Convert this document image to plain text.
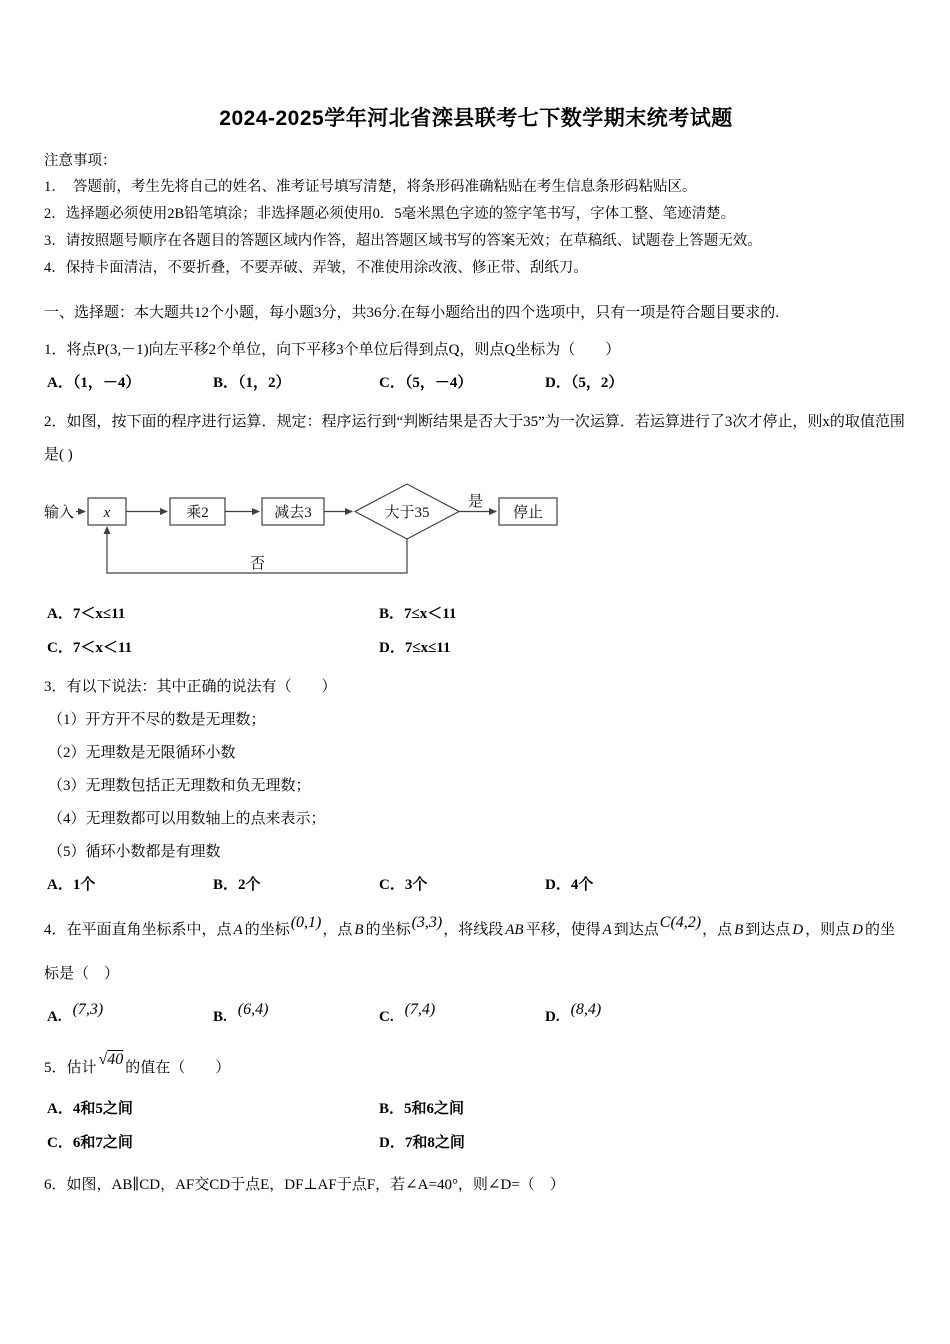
2024-2025学年河北省滦县联考七下数学期末统考试题
注意事项：
1．　答题前，考生先将自己的姓名、准考证号填写清楚，将条形码准确粘贴在考生信息条形码粘贴区。
2．选择题必须使用2B铅笔填涂；非选择题必须使用0．5毫米黑色字迹的签字笔书写，字体工整、笔迹清楚。
3．请按照题号顺序在各题目的答题区域内作答，超出答题区域书写的答案无效；在草稿纸、试题卷上答题无效。
4．保持卡面清洁，不要折叠，不要弄破、弄皱，不准使用涂改液、修正带、刮纸刀。
一、选择题：本大题共12个小题，每小题3分，共36分.在每小题给出的四个选项中，只有一项是符合题目要求的.
1．将点P(3,－1)向左平移2个单位，向下平移3个单位后得到点Q，则点Q坐标为（　　）
A．（1，－4）	B．（1，2）	C．（5，－4）	D．（5，2）
2．如图，按下面的程序进行运算．规定：程序运行到“判断结果是否大于35”为一次运算．若运算进行了3次才停止，则x的取值范围是( )
输入 x	乘2	减去3	大于35
是
停止
否
A．7＜x≤11	B．7≤x＜11
C．7＜x＜11	D．7≤x≤11
3．有以下说法：其中正确的说法有（　　）
（1）开方开不尽的数是无理数；
（2）无理数是无限循环小数
（3）无理数包括正无理数和负无理数；
（4）无理数都可以用数轴上的点来表示；
（5）循环小数都是有理数
A．1个	B．2个	C．3个	D．4个
4．在平面直角坐标系中，点 A 的坐标(0,1)，点 B 的坐标(3,3)，将线段 AB 平移，使得 A 到达点C(4,2)，点 B 到达点 D ，则点 D 的坐标是（　）
A. (7,3)	B. (6,4)	C. (7,4)	D. (8,4)
5．估计 √40 的值在（　　）
A．4和5之间	B．5和6之间
C．6和7之间	D．7和8之间
6．如图，AB∥CD，AF交CD于点E，DF⊥AF于点F，若∠A=40°，则∠D=（　）
